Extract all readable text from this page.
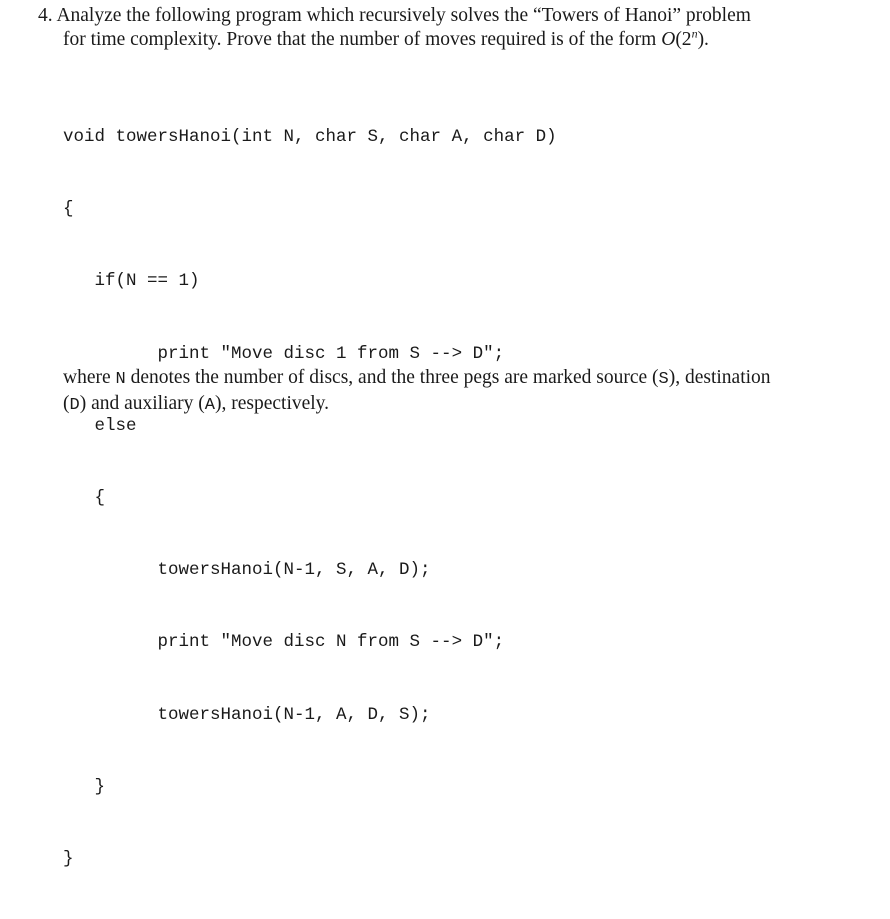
4. Analyze the following program which recursively solves the “Towers of Hanoi” problem
for time complexity. Prove that the number of moves required is of the form O(2$^n$).

void towersHanoi(int N, char S, char A, char D)

{

if(N == 1)

print "Move disc 1 from S --> D";

else

{

towersHanoi(N-1, S, A, D);

print "Move disc N from S --> D";

towersHanoi(N-1, A, D, S);

}

}

where N denotes the number of discs, and the three pegs are marked source (S), destination
(D) and auxiliary (A), respectively.
